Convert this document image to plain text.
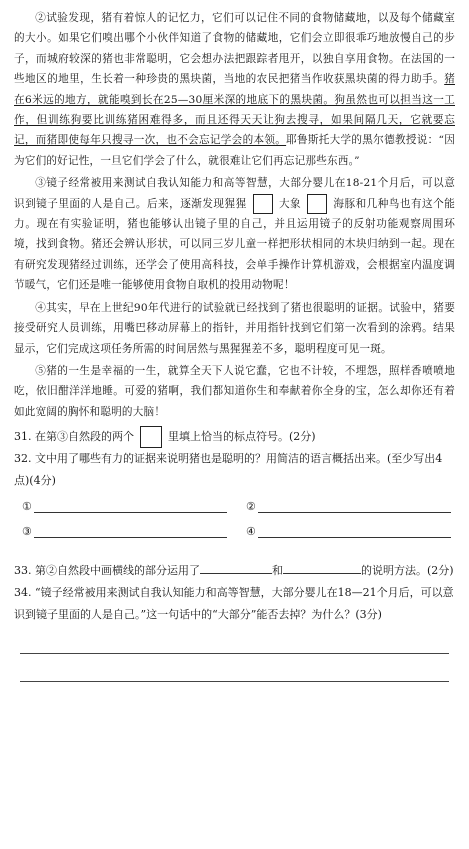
②试验发现，猪有着惊人的记忆力，它们可以记住不同的食物储藏地，以及每个储藏室的大小。如果它们嗅出哪个小伙伴知道了食物的储藏地，它们会立即很乖巧地放慢自己的步子，而城府较深的猪也非常聪明，它会想办法把跟踪者甩开，以独自享用食物。在法国的一些地区的地里，生长着一种珍贵的黑块菌，当地的农民把猪当作收获黑块菌的得力助手。猪在6米远的地方，就能嗅到长在25—30厘米深的地底下的黑块菌。狗虽然也可以担当这一工作，但训练狗要比训练猪困难得多，而且还得天天让狗去搜寻，如果间隔几天，它就要忘记，而猪即使每年只搜寻一次，也不会忘记学会的本领。耶鲁斯托大学的黑尔德教授说：“因为它们的好记性，一旦它们学会了什么，就很难让它们再忘记那些东西。”

③镜子经常被用来测试自我认知能力和高等智慧，大部分婴儿在18-21个月后，可以意识到镜子里面的人是自己。后来，逐渐发现猩猩	大象	海豚和几种鸟也有这个能力。现在有实验证明，猪也能够认出镜子里的自己，并且运用镜子的反射功能观察周围环境，找到食物。猪还会辨认形状，可以同三岁儿童一样把形状相同的木块归纳到一起。现在有研究发现猪经过训练，还学会了使用高科技，会单手操作计算机游戏，会根据室内温度调节暖气，它们还是唯一能够使用食物自取机的投用动物呢！

④其实，早在上世纪90年代进行的试验就已经找到了猪也很聪明的证据。试验中，猪要接受研究人员训练，用嘴巴移动屏幕上的指针，并用指针找到它们第一次看到的涂鸦。结果显示，它们完成这项任务所需的时间居然与黑猩猩差不多，聪明程度可见一斑。

⑤猪的一生是幸福的一生，就算全天下人说它蠢，它也不计较，不埋怨，照样香喷喷地吃，依旧酣洋洋地睡。可爱的猪啊，我们都知道你生和奉献着你全身的宝，怎么却你还有着如此宽阔的胸怀和聪明的大脑！

31. 在第③自然段的两个	里填上恰当的标点符号。(2分)

32. 文中用了哪些有力的证据来说明猪也是聪明的？用简洁的语言概括出来。(至少写出4点)(4分)

①	②
③	④

33. 第②自然段中画横线的部分运用了	和	的说明方法。(2分)

34. “镜子经常被用来测试自我认知能力和高等智慧，大部分婴儿在18—21个月后，可以意识到镜子里面的人是自己。”这一句话中的“大部分”能否去掉？为什么？(3分)
